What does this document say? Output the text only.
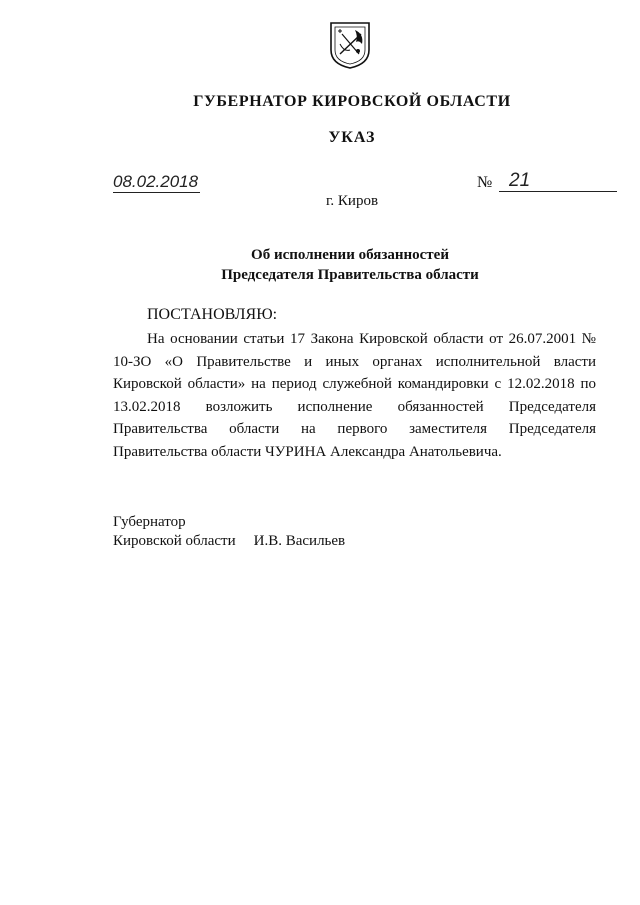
ГУБЕРНАТОР КИРОВСКОЙ ОБЛАСТИ
УКАЗ
08.02.2018	№ 21
г. Киров
Об исполнении обязанностей
Председателя Правительства области
ПОСТАНОВЛЯЮ:

На основании статьи 17 Закона Кировской области от 26.07.2001 № 10-ЗО «О Правительстве и иных органах исполнительной власти Кировской области» на период служебной командировки с 12.02.2018 по 13.02.2018 возложить исполнение обязанностей Председателя Правительства области на первого заместителя Председателя Правительства области ЧУРИНА Александра Анатольевича.

Губернатор
Кировской области И.В. Васильев
